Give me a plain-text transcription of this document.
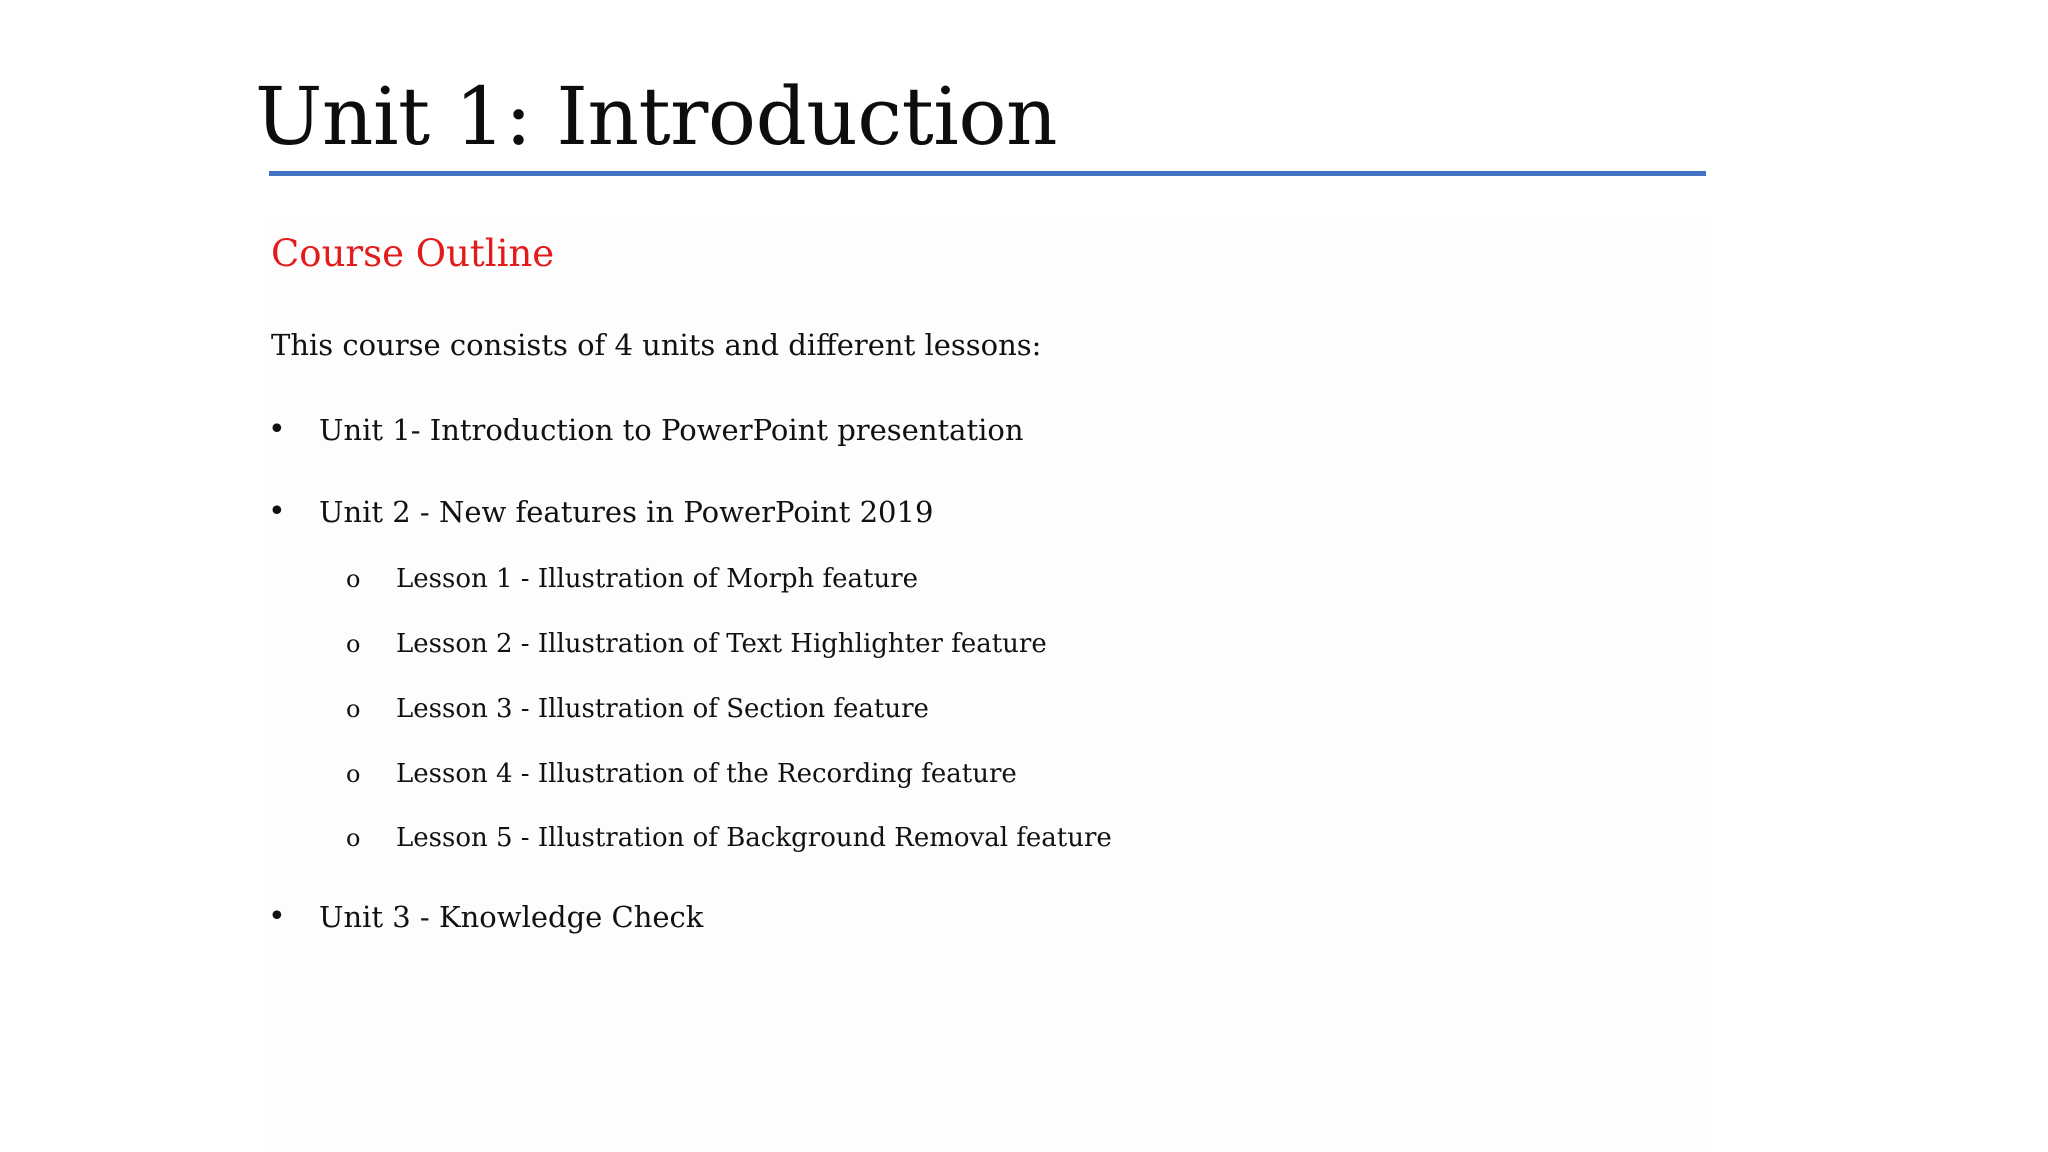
Unit 1: Introduction
Course Outline

This course consists of 4 units and different lessons:

•	Unit 1- Introduction to PowerPoint presentation
•	Unit 2 - New features in PowerPoint 2019
o	Lesson 1 - Illustration of Morph feature
o	Lesson 2 - Illustration of Text Highlighter feature
o	Lesson 3 - Illustration of Section feature
o	Lesson 4 - Illustration of the Recording feature
o	Lesson 5 - Illustration of Background Removal feature
•	Unit 3 - Knowledge Check
